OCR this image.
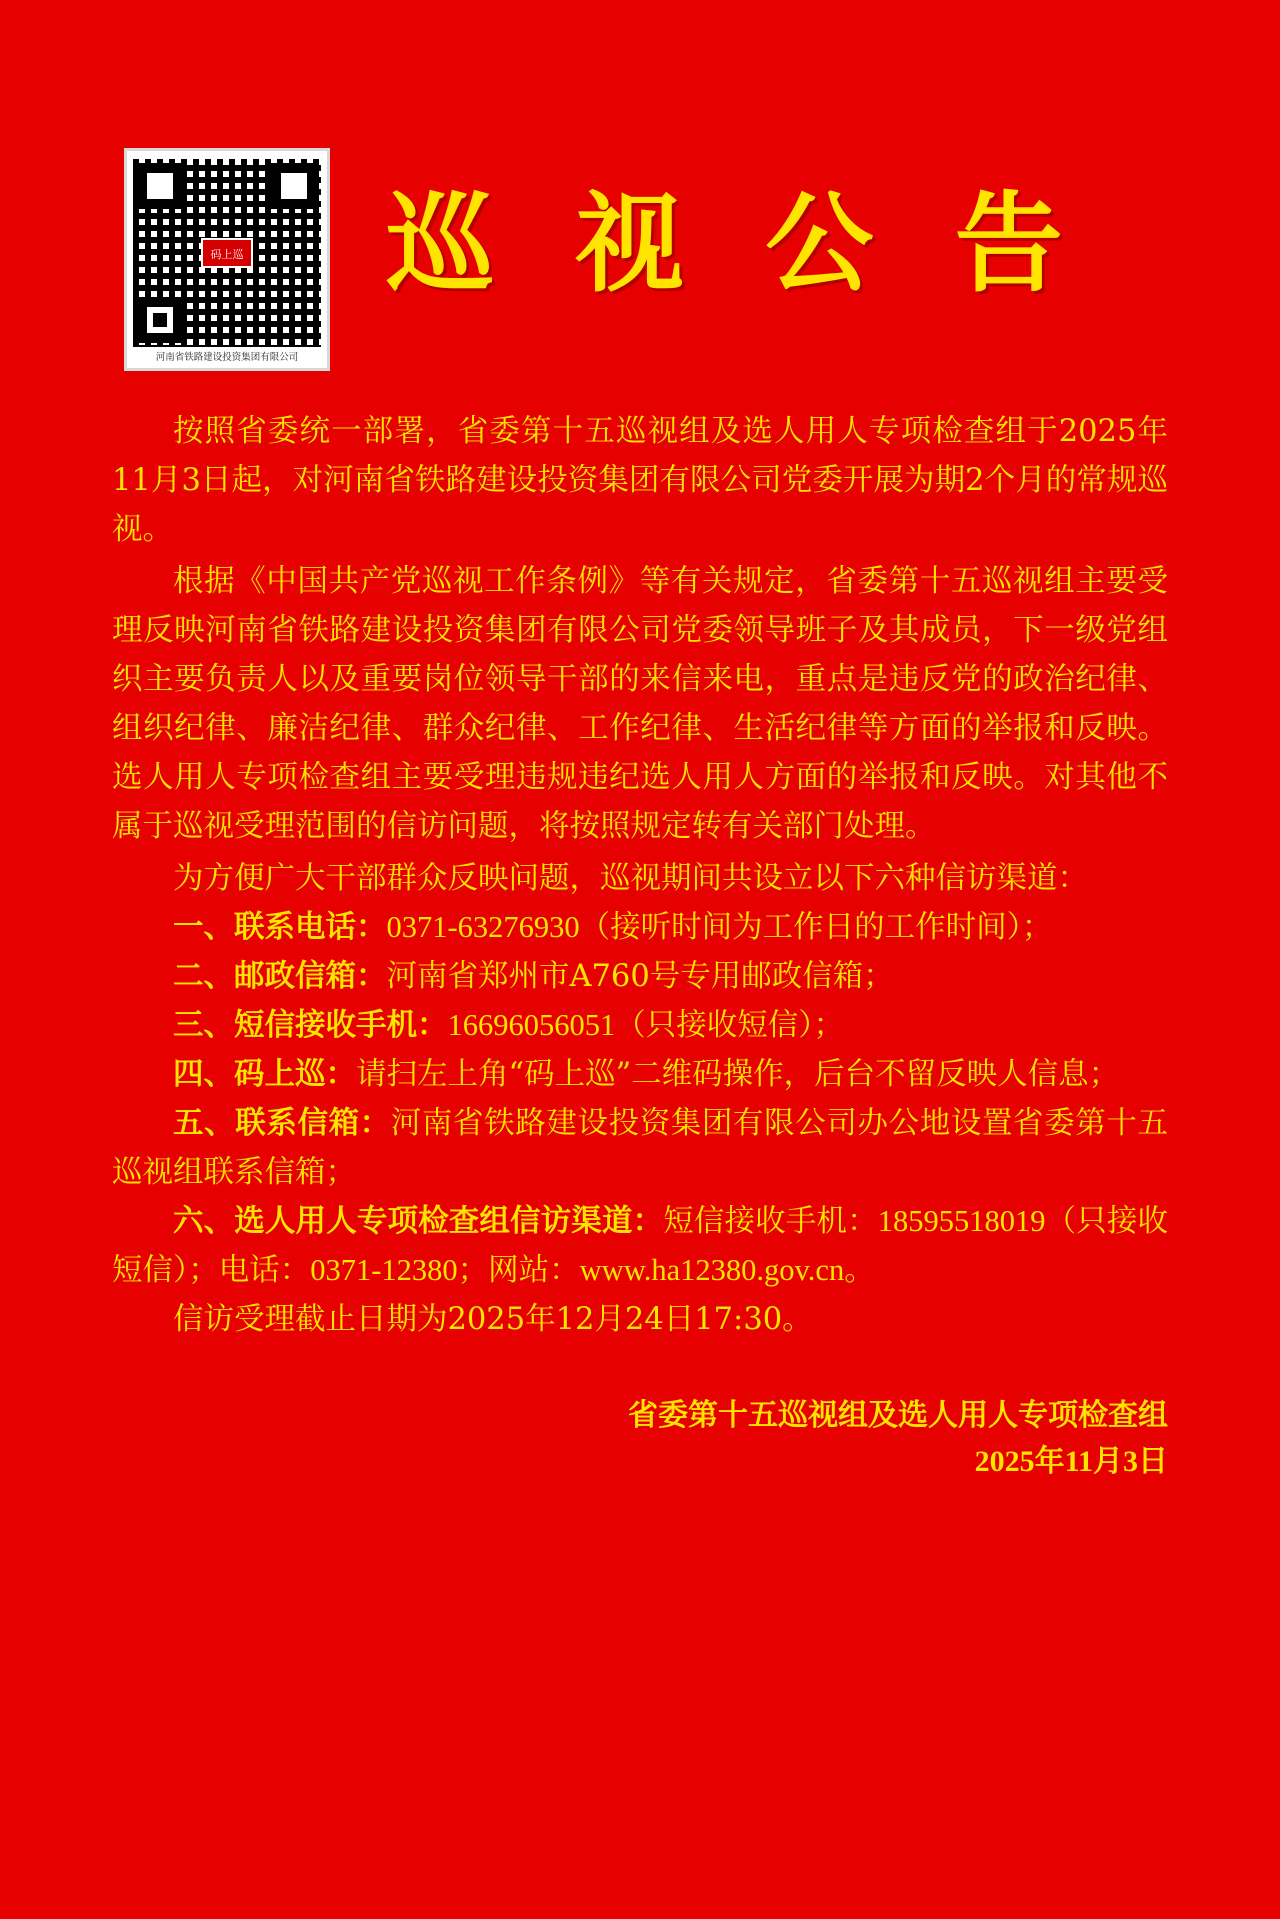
码上巡
河南省铁路建设投资集团有限公司
巡 视 公 告

按照省委统一部署，省委第十五巡视组及选人用人专项检查组于2025年11月3日起，对河南省铁路建设投资集团有限公司党委开展为期2个月的常规巡视。

根据《中国共产党巡视工作条例》等有关规定，省委第十五巡视组主要受理反映河南省铁路建设投资集团有限公司党委领导班子及其成员，下一级党组织主要负责人以及重要岗位领导干部的来信来电，重点是违反党的政治纪律、组织纪律、廉洁纪律、群众纪律、工作纪律、生活纪律等方面的举报和反映。选人用人专项检查组主要受理违规违纪选人用人方面的举报和反映。对其他不属于巡视受理范围的信访问题，将按照规定转有关部门处理。

为方便广大干部群众反映问题，巡视期间共设立以下六种信访渠道：

一、联系电话：0371-63276930（接听时间为工作日的工作时间）；

二、邮政信箱：河南省郑州市A760号专用邮政信箱；

三、短信接收手机：16696056051（只接收短信）；

四、码上巡：请扫左上角“码上巡”二维码操作，后台不留反映人信息；

五、联系信箱：河南省铁路建设投资集团有限公司办公地设置省委第十五巡视组联系信箱；

六、选人用人专项检查组信访渠道：短信接收手机：18595518019（只接收短信）；电话：0371-12380；网站：www.ha12380.gov.cn。

信访受理截止日期为2025年12月24日17:30。

省委第十五巡视组及选人用人专项检查组
2025年11月3日
